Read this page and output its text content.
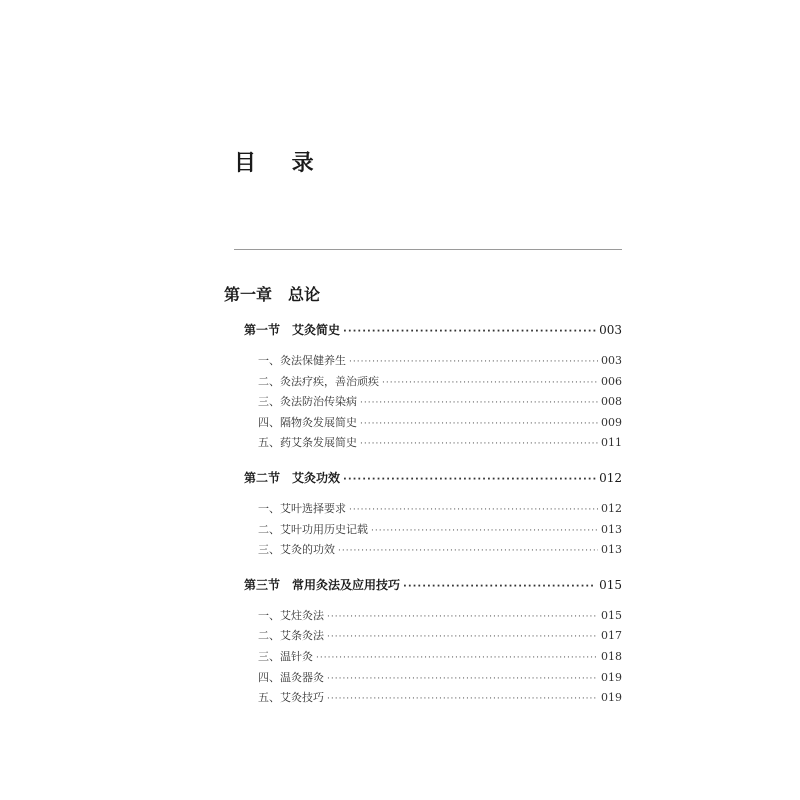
目 录
第一章　总论
第一节　艾灸简史 ·····	003
一、灸法保健养生 ·····	003
二、灸法疗疾，善治顽疾 ·····	006
三、灸法防治传染病 ·····	008
四、隔物灸发展简史 ·····	009
五、药艾条发展简史 ·····	011
第二节　艾灸功效 ·····	012
一、艾叶选择要求 ·····	012
二、艾叶功用历史记载 ·····	013
三、艾灸的功效 ·····	013
第三节　常用灸法及应用技巧 ·····	015
一、艾炷灸法 ·····	015
二、艾条灸法 ·····	017
三、温针灸 ·····	018
四、温灸器灸 ·····	019
五、艾灸技巧 ·····	019
